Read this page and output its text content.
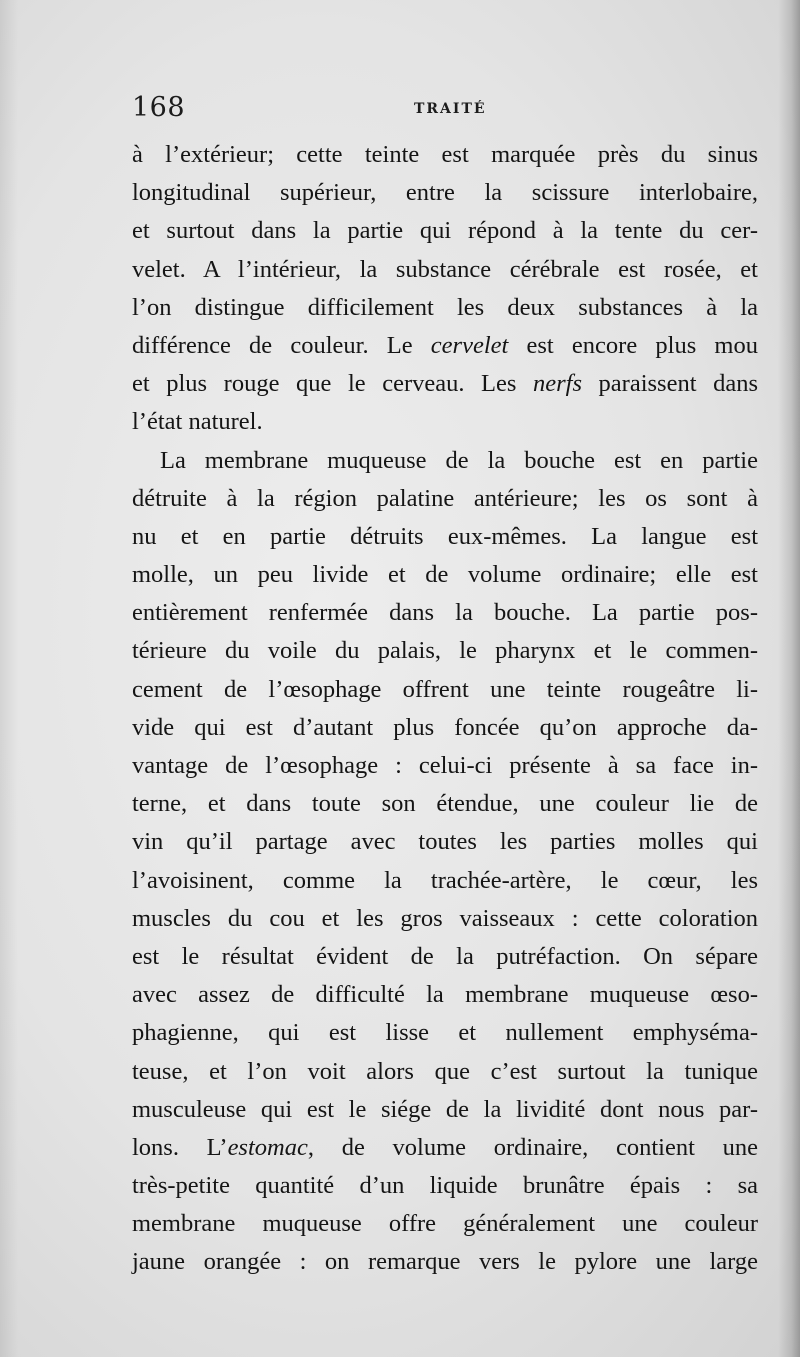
168	TRAITÉ
à l’extérieur; cette teinte est marquée près du sinus
longitudinal supérieur, entre la scissure interlobaire,
et surtout dans la partie qui répond à la tente du cer-
velet. A l’intérieur, la substance cérébrale est rosée, et
l’on distingue difficilement les deux substances à la
différence de couleur. Le cervelet est encore plus mou
et plus rouge que le cerveau. Les nerfs paraissent dans
l’état naturel.
La membrane muqueuse de la bouche est en partie
détruite à la région palatine antérieure; les os sont à
nu et en partie détruits eux-mêmes. La langue est
molle, un peu livide et de volume ordinaire; elle est
entièrement renfermée dans la bouche. La partie pos-
térieure du voile du palais, le pharynx et le commen-
cement de l’œsophage offrent une teinte rougeâtre li-
vide qui est d’autant plus foncée qu’on approche da-
vantage de l’œsophage : celui-ci présente à sa face in-
terne, et dans toute son étendue, une couleur lie de
vin qu’il partage avec toutes les parties molles qui
l’avoisinent, comme la trachée-artère, le cœur, les
muscles du cou et les gros vaisseaux : cette coloration
est le résultat évident de la putréfaction. On sépare
avec assez de difficulté la membrane muqueuse œso-
phagienne, qui est lisse et nullement emphyséma-
teuse, et l’on voit alors que c’est surtout la tunique
musculeuse qui est le siége de la lividité dont nous par-
lons. L’estomac, de volume ordinaire, contient une
très-petite quantité d’un liquide brunâtre épais : sa
membrane muqueuse offre généralement une couleur
jaune orangée : on remarque vers le pylore une large
